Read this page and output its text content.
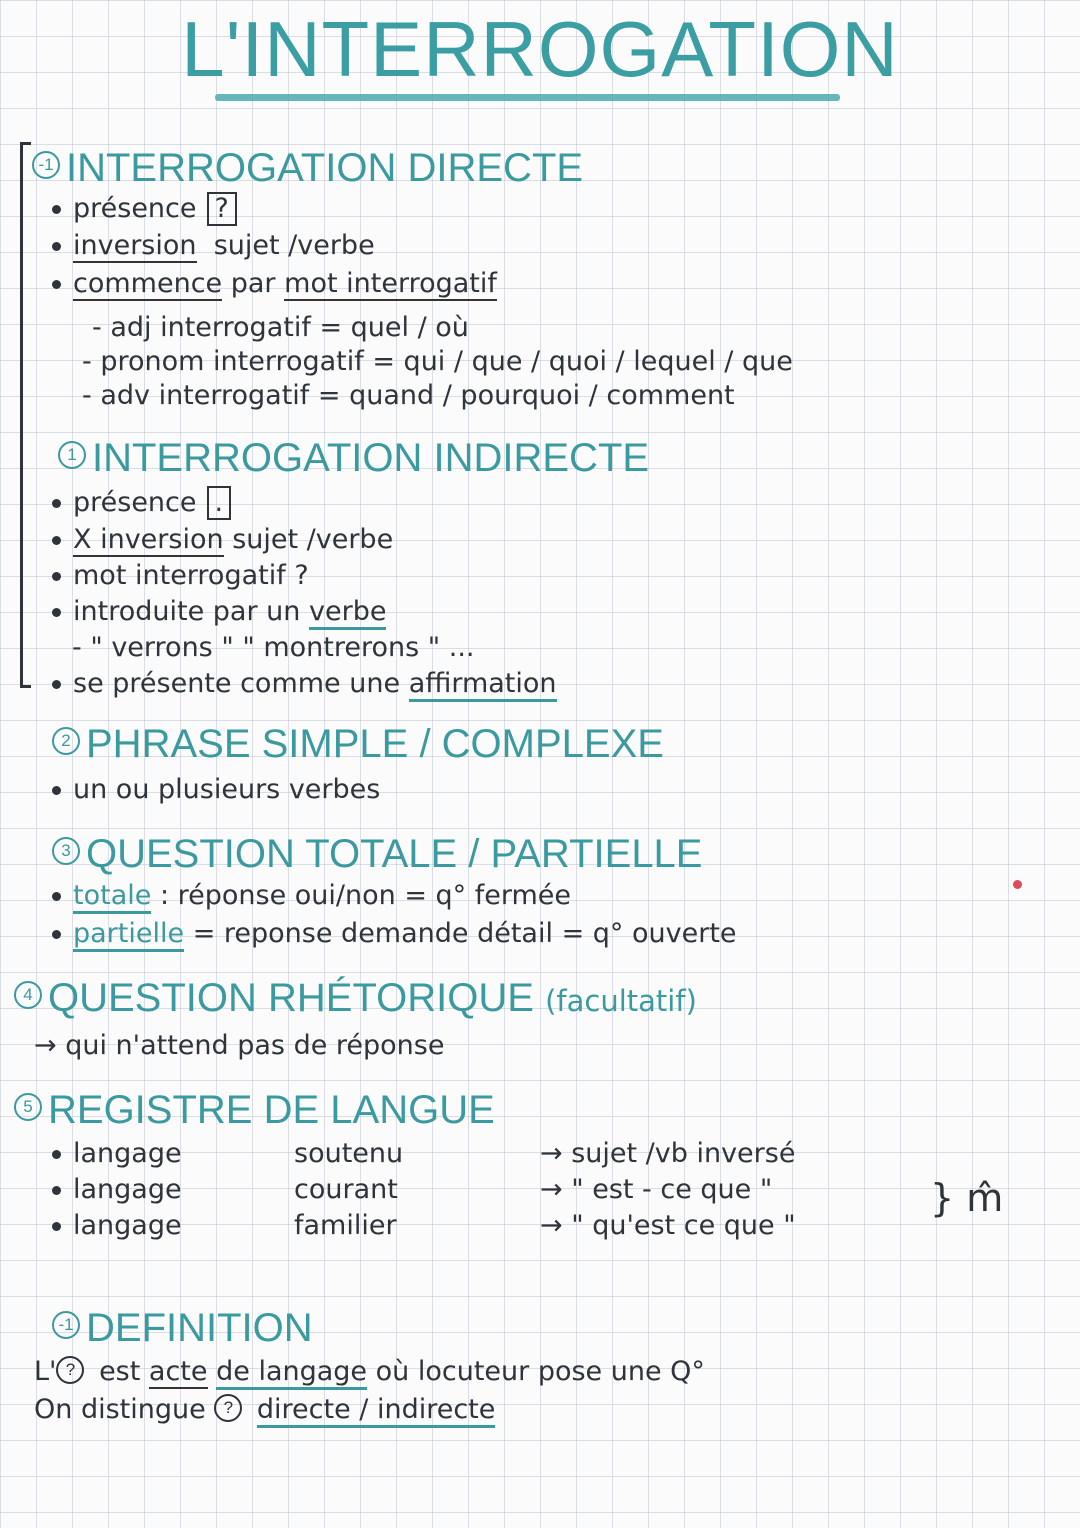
L'INTERROGATION
-1 INTERROGATION DIRECTE
présence ?
inversion sujet /verbe
commence par mot interrogatif
- adj interrogatif = quel / où
- pronom interrogatif = qui / que / quoi / lequel / que
- adv interrogatif = quand / pourquoi / comment
1 INTERROGATION INDIRECTE
présence .
X inversion sujet /verbe
mot interrogatif ?
introduite par un verbe
- " verrons " " montrerons " ...
se présente comme une affirmation
2 PHRASE SIMPLE / COMPLEXE
un ou plusieurs verbes
3 QUESTION TOTALE / PARTIELLE
totale : réponse oui/non = q° fermée
partielle = reponse demande détail = q° ouverte
4 QUESTION RHÉTORIQUE (facultatif)
→ qui n'attend pas de réponse
5 REGISTRE DE LANGUE
langage	soutenu	→ sujet /vb inversé
langage	courant	→ " est - ce que "
langage	familier	→ " qu'est ce que "
} m̂
-1 DEFINITION
L' ? est acte de langage où locuteur pose une Q°
On distingue ? directe / indirecte
